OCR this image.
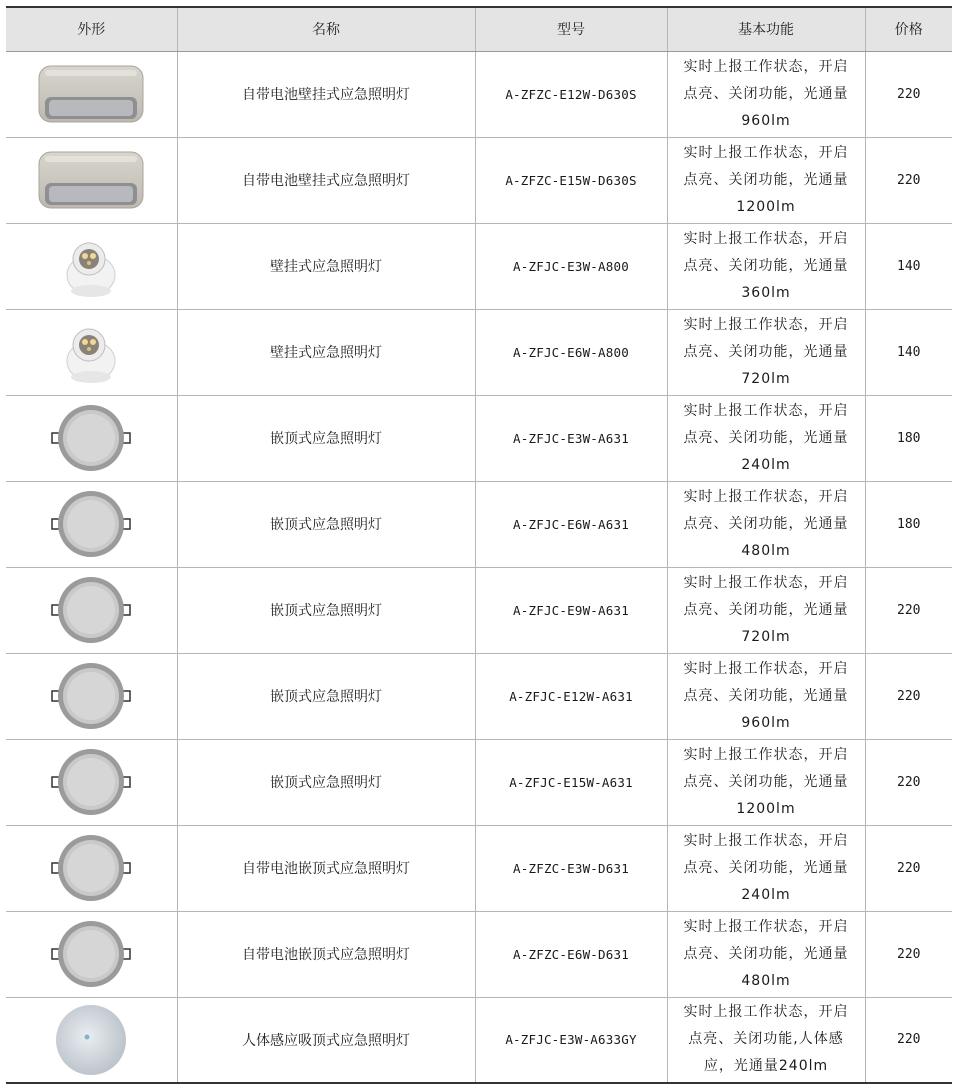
外形	名称	型号	基本功能	价格

	自带电池壁挂式应急照明灯	A-ZFZC-E12W-D630S	实时上报工作状态，开启点亮、关闭功能，光通量960lm	220

	自带电池壁挂式应急照明灯	A-ZFZC-E15W-D630S	实时上报工作状态，开启点亮、关闭功能，光通量1200lm	220

	壁挂式应急照明灯	A-ZFJC-E3W-A800	实时上报工作状态，开启点亮、关闭功能，光通量360lm	140

	壁挂式应急照明灯	A-ZFJC-E6W-A800	实时上报工作状态，开启点亮、关闭功能，光通量720lm	140

	嵌顶式应急照明灯	A-ZFJC-E3W-A631	实时上报工作状态，开启点亮、关闭功能，光通量240lm	180

	嵌顶式应急照明灯	A-ZFJC-E6W-A631	实时上报工作状态，开启点亮、关闭功能，光通量480lm	180

	嵌顶式应急照明灯	A-ZFJC-E9W-A631	实时上报工作状态，开启点亮、关闭功能，光通量720lm	220

	嵌顶式应急照明灯	A-ZFJC-E12W-A631	实时上报工作状态，开启点亮、关闭功能，光通量960lm	220

	嵌顶式应急照明灯	A-ZFJC-E15W-A631	实时上报工作状态，开启点亮、关闭功能，光通量1200lm	220

	自带电池嵌顶式应急照明灯	A-ZFZC-E3W-D631	实时上报工作状态，开启点亮、关闭功能，光通量240lm	220

	自带电池嵌顶式应急照明灯	A-ZFZC-E6W-D631	实时上报工作状态，开启点亮、关闭功能，光通量480lm	220

	人体感应吸顶式应急照明灯	A-ZFJC-E3W-A633GY	实时上报工作状态，开启点亮、关闭功能,人体感应，光通量240lm	220
